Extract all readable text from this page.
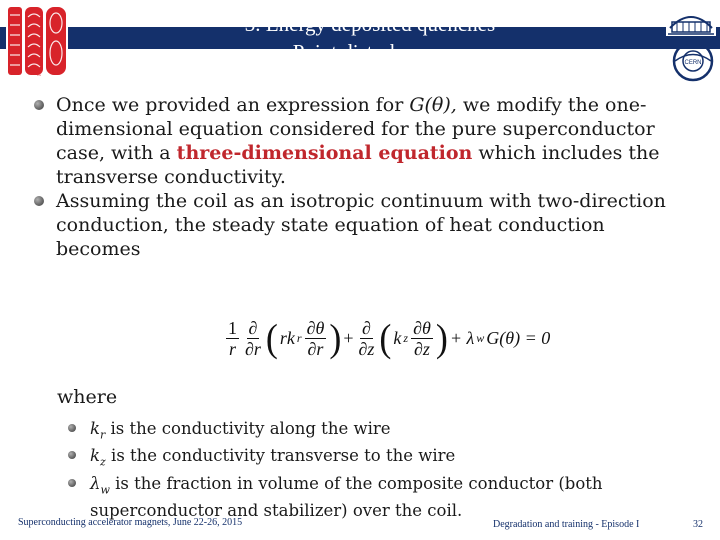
3. Energy deposited quenches
Point disturbances
ESS
CERN
Once we provided an expression for G(θ), we modify the one-dimensional equation considered for the pure superconductor case, with a three-dimensional equation which includes the transverse conductivity.
Assuming the coil as an isotropic continuum with two-direction conduction, the steady state equation of heat conduction becomes
$\frac{1}{r} \frac{\partial}{\partial r}$ ( rk r $\frac{\partial\theta}{\partial r}$ ) + $\frac{\partial}{\partial z}$ ( k z $\frac{\partial\theta}{\partial z}$ ) + λ w G(θ) = 0
where
$k_r$ is the conductivity along the wire
$k_z$ is the conductivity transverse to the wire
$\lambda_w$ is the fraction in volume of the composite conductor (both superconductor and stabilizer) over the coil.
Superconducting accelerator magnets, June 22-26, 2015	Degradation and training - Episode I	32
